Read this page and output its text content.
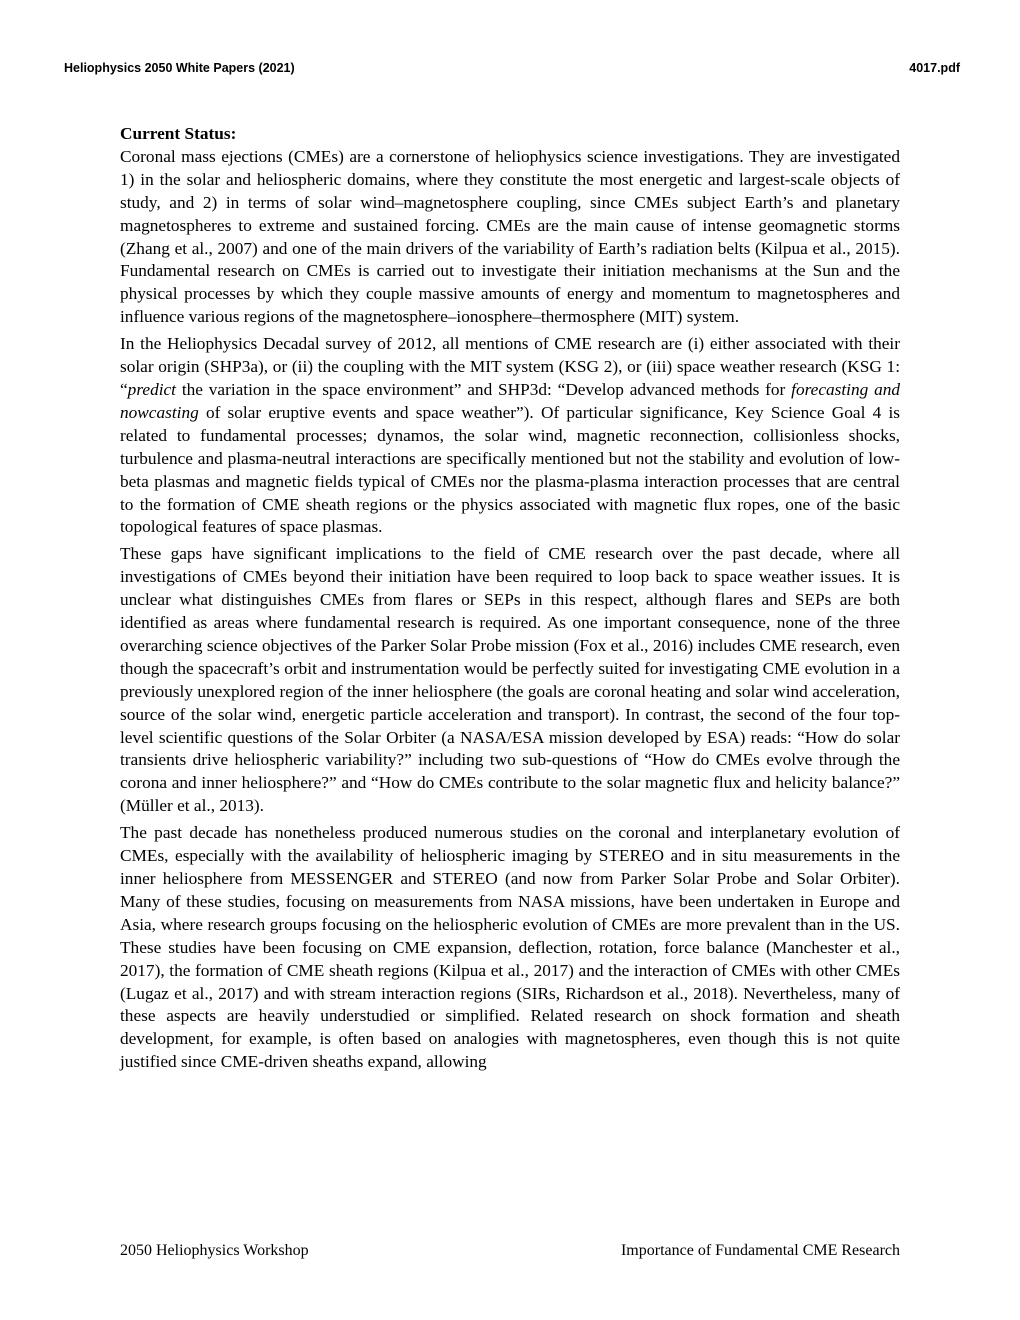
Heliophysics 2050 White Papers (2021)	4017.pdf
Current Status:

Coronal mass ejections (CMEs) are a cornerstone of heliophysics science investigations. They are investigated 1) in the solar and heliospheric domains, where they constitute the most energetic and largest-scale objects of study, and 2) in terms of solar wind–magnetosphere coupling, since CMEs subject Earth’s and planetary magnetospheres to extreme and sustained forcing. CMEs are the main cause of intense geomagnetic storms (Zhang et al., 2007) and one of the main drivers of the variability of Earth’s radiation belts (Kilpua et al., 2015). Fundamental research on CMEs is carried out to investigate their initiation mechanisms at the Sun and the physical processes by which they couple massive amounts of energy and momentum to magnetospheres and influence various regions of the magnetosphere–ionosphere–thermosphere (MIT) system.

In the Heliophysics Decadal survey of 2012, all mentions of CME research are (i) either associated with their solar origin (SHP3a), or (ii) the coupling with the MIT system (KSG 2), or (iii) space weather research (KSG 1: “predict the variation in the space environment” and SHP3d: “Develop advanced methods for forecasting and nowcasting of solar eruptive events and space weather”). Of particular significance, Key Science Goal 4 is related to fundamental processes; dynamos, the solar wind, magnetic reconnection, collisionless shocks, turbulence and plasma-neutral interactions are specifically mentioned but not the stability and evolution of low-beta plasmas and magnetic fields typical of CMEs nor the plasma-plasma interaction processes that are central to the formation of CME sheath regions or the physics associated with magnetic flux ropes, one of the basic topological features of space plasmas.

These gaps have significant implications to the field of CME research over the past decade, where all investigations of CMEs beyond their initiation have been required to loop back to space weather issues. It is unclear what distinguishes CMEs from flares or SEPs in this respect, although flares and SEPs are both identified as areas where fundamental research is required. As one important consequence, none of the three overarching science objectives of the Parker Solar Probe mission (Fox et al., 2016) includes CME research, even though the spacecraft’s orbit and instrumentation would be perfectly suited for investigating CME evolution in a previously unexplored region of the inner heliosphere (the goals are coronal heating and solar wind acceleration, source of the solar wind, energetic particle acceleration and transport). In contrast, the second of the four top-level scientific questions of the Solar Orbiter (a NASA/ESA mission developed by ESA) reads: “How do solar transients drive heliospheric variability?” including two sub-questions of “How do CMEs evolve through the corona and inner heliosphere?” and “How do CMEs contribute to the solar magnetic flux and helicity balance?” (Müller et al., 2013).

The past decade has nonetheless produced numerous studies on the coronal and interplanetary evolution of CMEs, especially with the availability of heliospheric imaging by STEREO and in situ measurements in the inner heliosphere from MESSENGER and STEREO (and now from Parker Solar Probe and Solar Orbiter). Many of these studies, focusing on measurements from NASA missions, have been undertaken in Europe and Asia, where research groups focusing on the heliospheric evolution of CMEs are more prevalent than in the US. These studies have been focusing on CME expansion, deflection, rotation, force balance (Manchester et al., 2017), the formation of CME sheath regions (Kilpua et al., 2017) and the interaction of CMEs with other CMEs (Lugaz et al., 2017) and with stream interaction regions (SIRs, Richardson et al., 2018). Nevertheless, many of these aspects are heavily understudied or simplified. Related research on shock formation and sheath development, for example, is often based on analogies with magnetospheres, even though this is not quite justified since CME-driven sheaths expand, allowing

2050 Heliophysics Workshop	Importance of Fundamental CME Research
